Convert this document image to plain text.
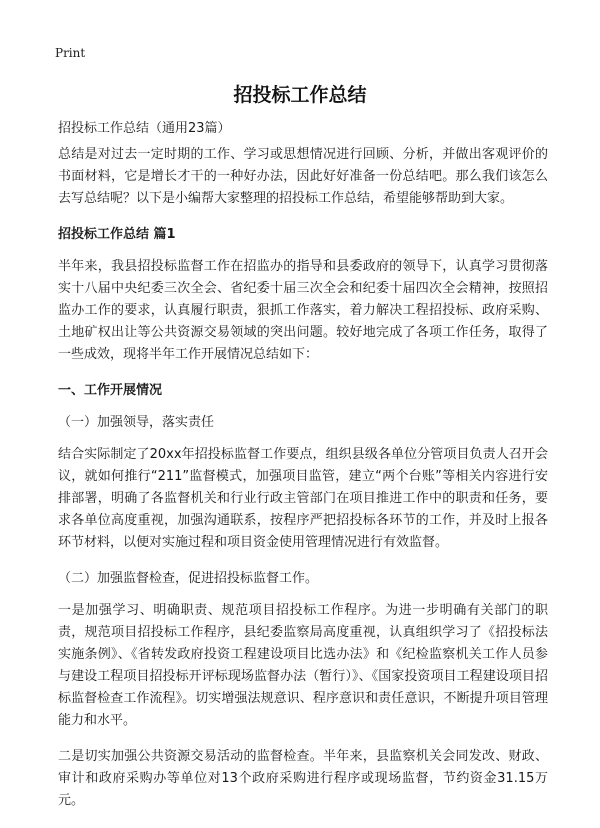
Print
招投标工作总结

招投标工作总结（通用23篇）

总结是对过去一定时期的工作、学习或思想情况进行回顾、分析，并做出客观评价的书面材料，它是增长才干的一种好办法，因此好好准备一份总结吧。那么我们该怎么去写总结呢？以下是小编帮大家整理的招投标工作总结，希望能够帮助到大家。

招投标工作总结 篇1

半年来，我县招投标监督工作在招监办的指导和县委政府的领导下，认真学习贯彻落实十八届中央纪委三次全会、省纪委十届三次全会和纪委十届四次全会精神，按照招监办工作的要求，认真履行职责，狠抓工作落实，着力解决工程招投标、政府采购、土地矿权出让等公共资源交易领域的突出问题。较好地完成了各项工作任务，取得了一些成效，现将半年工作开展情况总结如下：

一、工作开展情况

（一）加强领导，落实责任

结合实际制定了20xx年招投标监督工作要点，组织县级各单位分管项目负责人召开会议，就如何推行“211”监督模式，加强项目监管，建立“两个台账”等相关内容进行安排部署，明确了各监督机关和行业行政主管部门在项目推进工作中的职责和任务，要求各单位高度重视，加强沟通联系，按程序严把招投标各环节的工作，并及时上报各环节材料，以便对实施过程和项目资金使用管理情况进行有效监督。

（二）加强监督检查，促进招投标监督工作。

一是加强学习、明确职责、规范项目招投标工作程序。为进一步明确有关部门的职责，规范项目招投标工作程序，县纪委监察局高度重视，认真组织学习了《招投标法实施条例》、《省转发政府投资工程建设项目比选办法》和《纪检监察机关工作人员参与建设工程项目招投标开评标现场监督办法（暂行）》、《国家投资项目工程建设项目招标监督检查工作流程》。切实增强法规意识、程序意识和责任意识，不断提升项目管理能力和水平。

二是切实加强公共资源交易活动的监督检查。半年来，县监察机关会同发改、财政、审计和政府采购办等单位对13个政府采购进行程序或现场监督，节约资金31.15万元。
